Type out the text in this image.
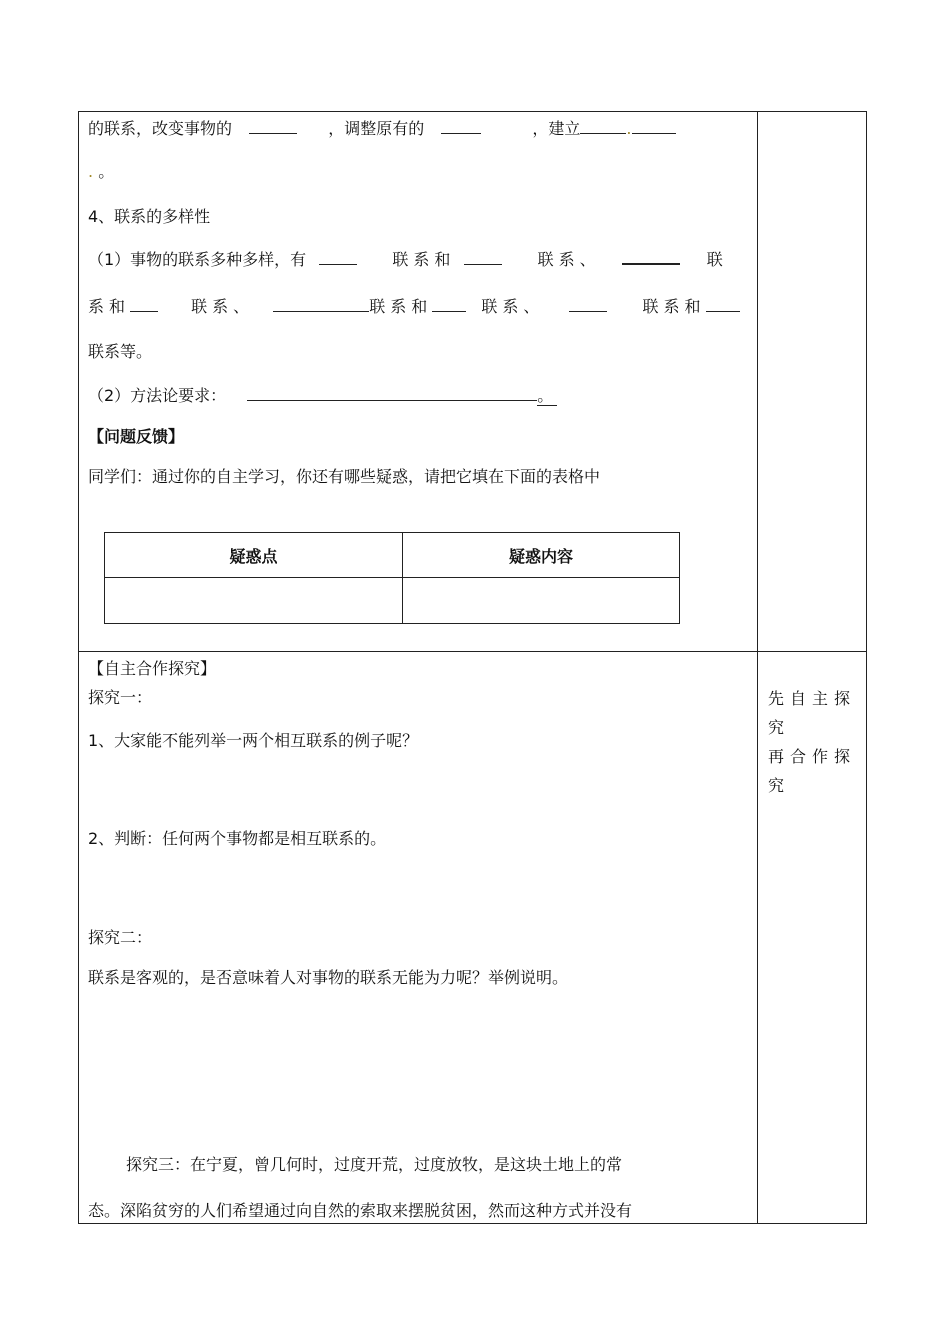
的联系，改变事物的	，调整原有的	，建立	.
. 。
4、联系的多样性
（1）事物的联系多种多样，有	联系和	联系、	联
系和	联系、	联系和	联系、	联系和
联系等。
（2）方法论要求：	。
【问题反馈】
同学们：通过你的自主学习，你还有哪些疑惑，请把它填在下面的表格中
疑惑点	疑惑内容

【自主合作探究】
探究一：
1、大家能不能列举一两个相互联系的例子呢？
2、判断：任何两个事物都是相互联系的。
探究二：
联系是客观的，是否意味着人对事物的联系无能为力呢？举例说明。
探究三：在宁夏，曾几何时，过度开荒，过度放牧，是这块土地上的常
态。深陷贫穷的人们希望通过向自然的索取来摆脱贫困，然而这种方式并没有
先自主探
究
再合作探
究
